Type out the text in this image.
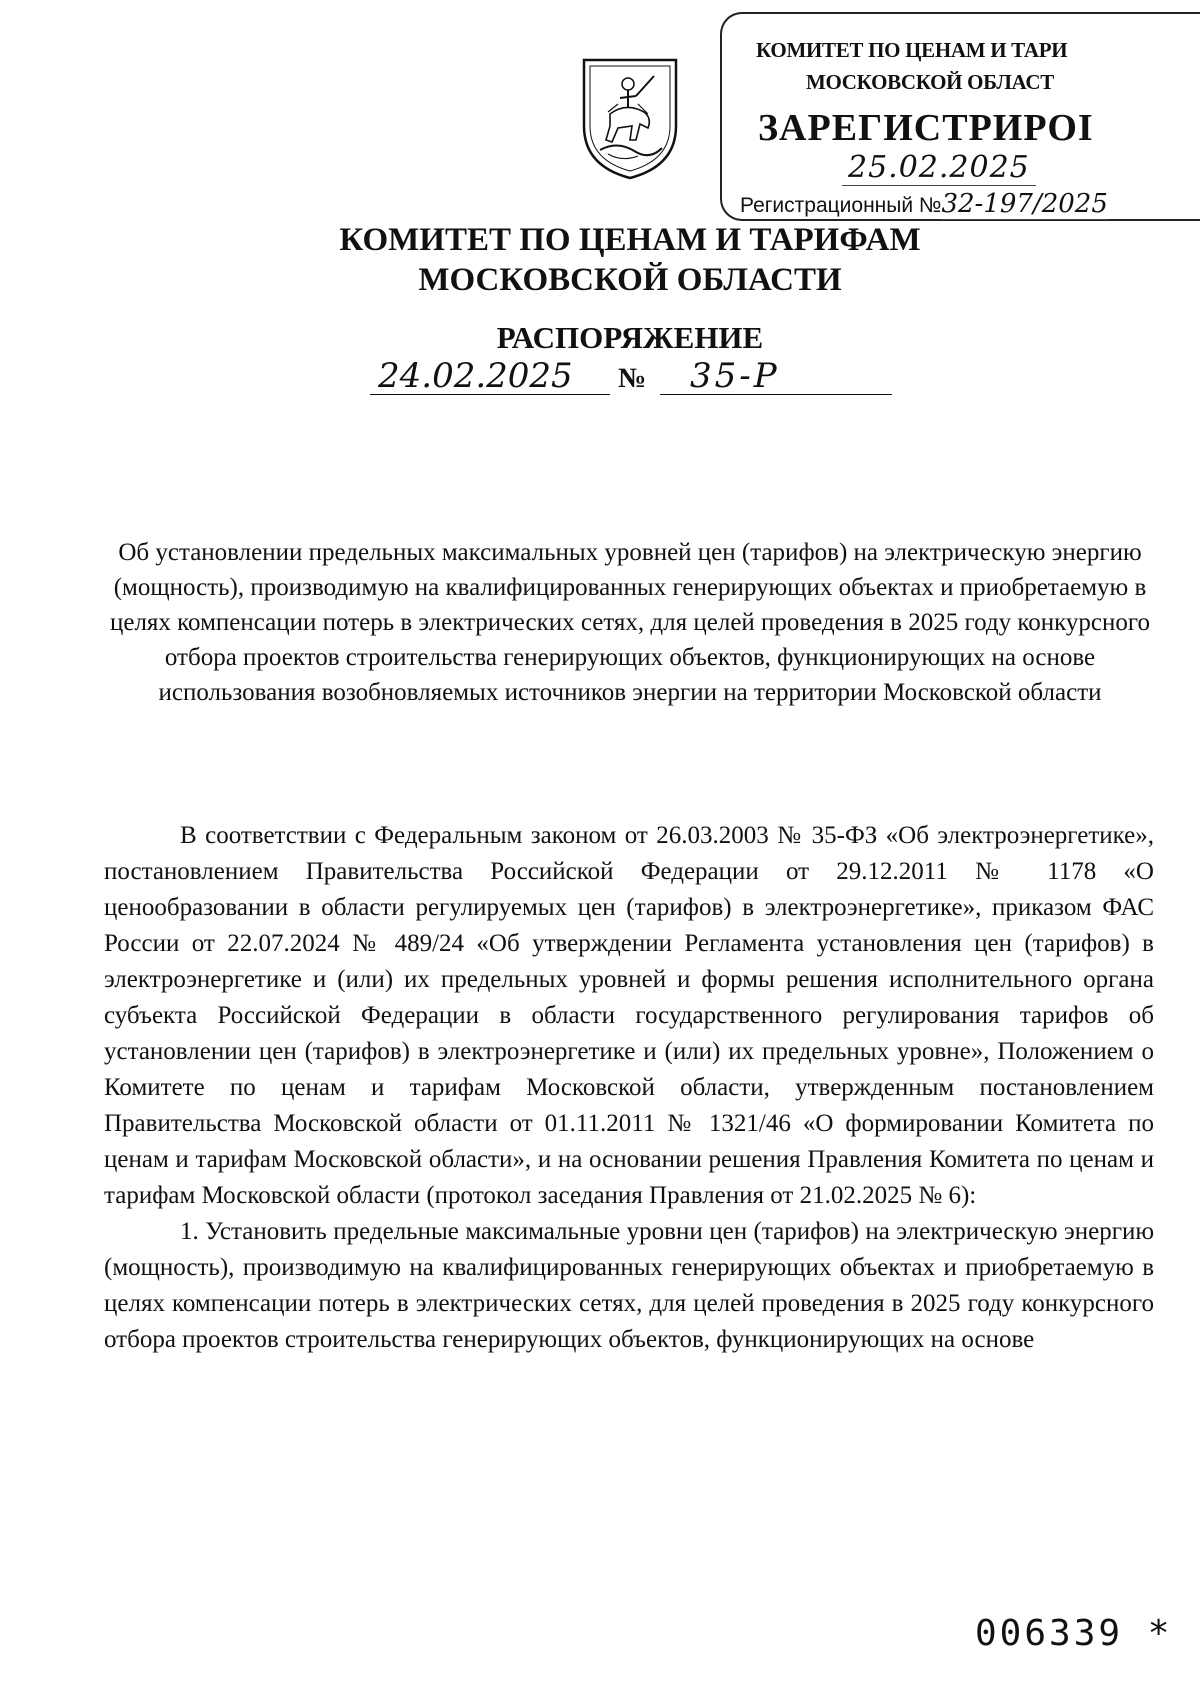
КОМИТЕТ ПО ЦЕНАМ И ТАРИ
МОСКОВСКОЙ ОБЛАСТ
ЗАРЕГИСТРИРОI
25.02.2025
Регистрационный №32-197/2025
КОМИТЕТ ПО ЦЕНАМ И ТАРИФАМ
МОСКОВСКОЙ ОБЛАСТИ
РАСПОРЯЖЕНИЕ
24.02.2025 № 35-Р

Об установлении предельных максимальных уровней цен (тарифов) на электрическую энергию (мощность), производимую на квалифицированных генерирующих объектах и приобретаемую в целях компенсации потерь в электрических сетях, для целей проведения в 2025 году конкурсного отбора проектов строительства генерирующих объектов, функционирующих на основе использования возобновляемых источников энергии на территории Московской области

В соответствии с Федеральным законом от 26.03.2003 № 35-ФЗ «Об электроэнергетике», постановлением Правительства Российской Федерации от 29.12.2011 № 1178 «О ценообразовании в области регулируемых цен (тарифов) в электроэнергетике», приказом ФАС России от 22.07.2024 № 489/24 «Об утверждении Регламента установления цен (тарифов) в электроэнергетике и (или) их предельных уровней и формы решения исполнительного органа субъекта Российской Федерации в области государственного регулирования тарифов об установлении цен (тарифов) в электроэнергетике и (или) их предельных уровне», Положением о Комитете по ценам и тарифам Московской области, утвержденным постановлением Правительства Московской области от 01.11.2011 № 1321/46 «О формировании Комитета по ценам и тарифам Московской области», и на основании решения Правления Комитета по ценам и тарифам Московской области (протокол заседания Правления от 21.02.2025 № 6):

1. Установить предельные максимальные уровни цен (тарифов) на электрическую энергию (мощность), производимую на квалифицированных генерирующих объектах и приобретаемую в целях компенсации потерь в электрических сетях, для целей проведения в 2025 году конкурсного отбора проектов строительства генерирующих объектов, функционирующих на основе

006339 *
